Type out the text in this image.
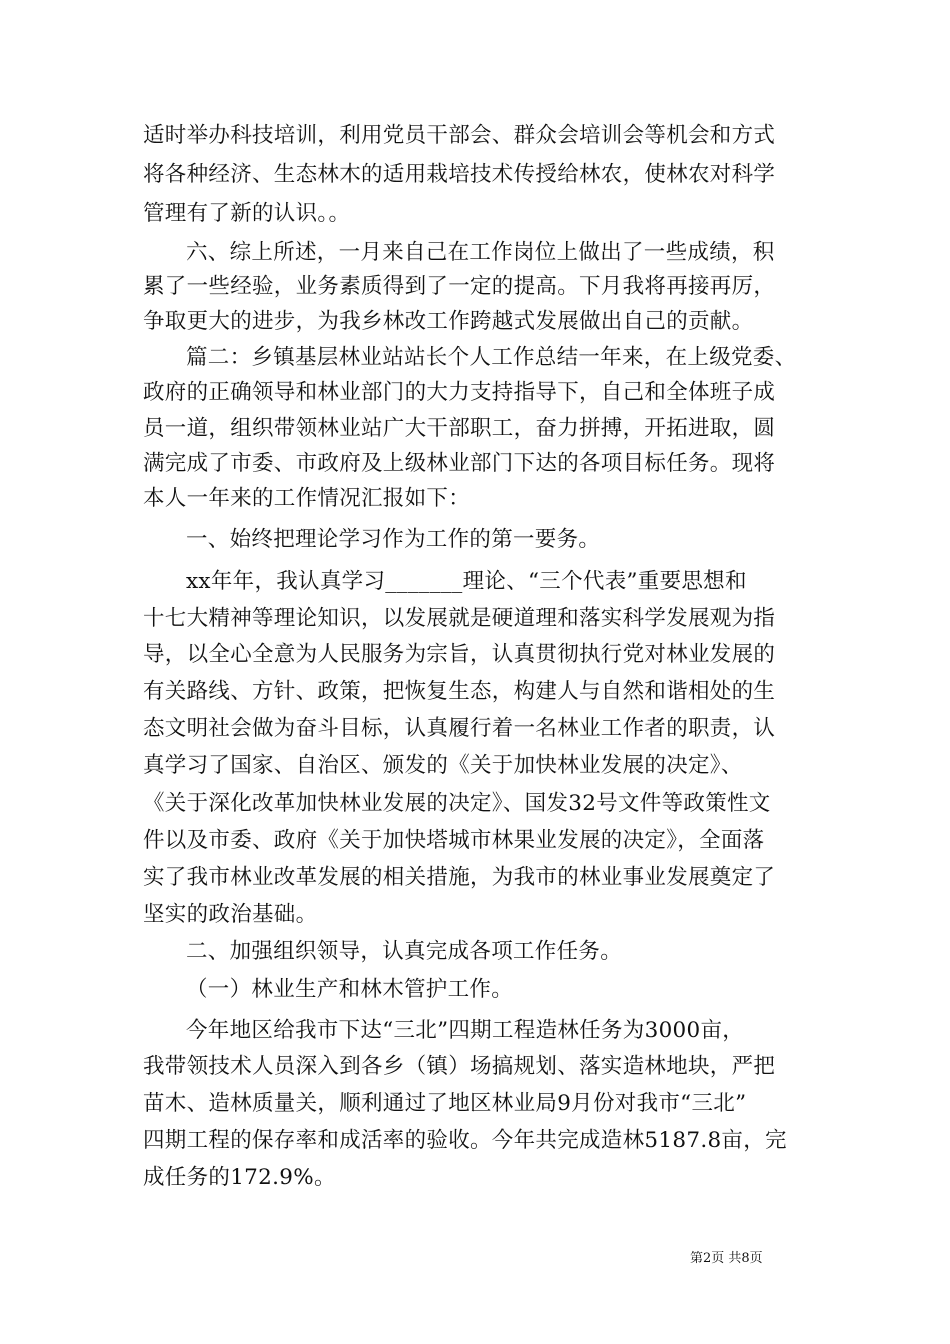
适时举办科技培训，利用党员干部会、群众会培训会等机会和方式
将各种经济、生态林木的适用栽培技术传授给林农，使林农对科学
管理有了新的认识。。
六、综上所述，一月来自己在工作岗位上做出了一些成绩，积
累了一些经验，业务素质得到了一定的提高。下月我将再接再厉，
争取更大的进步，为我乡林改工作跨越式发展做出自己的贡献。
篇二：乡镇基层林业站站长个人工作总结一年来，在上级党委、
政府的正确领导和林业部门的大力支持指导下，自己和全体班子成
员一道，组织带领林业站广大干部职工，奋力拼搏，开拓进取，圆
满完成了市委、市政府及上级林业部门下达的各项目标任务。现将
本人一年来的工作情况汇报如下：
一、始终把理论学习作为工作的第一要务。
xx年年，我认真学习_______理论、“三个代表”重要思想和
十七大精神等理论知识，以发展就是硬道理和落实科学发展观为指
导，以全心全意为人民服务为宗旨，认真贯彻执行党对林业发展的
有关路线、方针、政策，把恢复生态，构建人与自然和谐相处的生
态文明社会做为奋斗目标，认真履行着一名林业工作者的职责，认
真学习了国家、自治区、颁发的《关于加快林业发展的决定》、
《关于深化改革加快林业发展的决定》、国发32号文件等政策性文
件以及市委、政府《关于加快塔城市林果业发展的决定》，全面落
实了我市林业改革发展的相关措施，为我市的林业事业发展奠定了
坚实的政治基础。
二、加强组织领导，认真完成各项工作任务。
（一）林业生产和林木管护工作。
今年地区给我市下达“三北”四期工程造林任务为3000亩，
我带领技术人员深入到各乡（镇）场搞规划、落实造林地块，严把
苗木、造林质量关，顺利通过了地区林业局9月份对我市“三北”
四期工程的保存率和成活率的验收。今年共完成造林5187.8亩，完
成任务的172.9%。
第2页 共8页
